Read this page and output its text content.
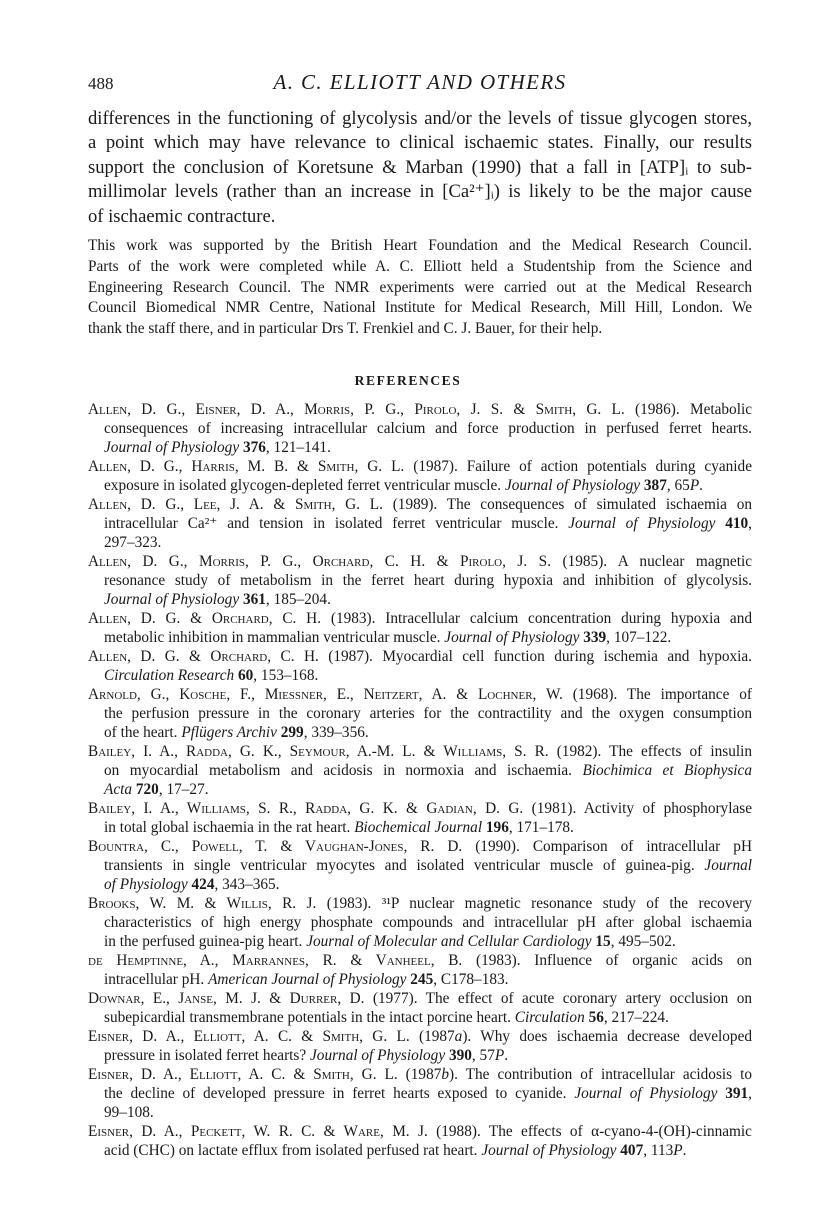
488	A. C. ELLIOTT AND OTHERS

differences in the functioning of glycolysis and/or the levels of tissue glycogen stores,
a point which may have relevance to clinical ischaemic states. Finally, our results
support the conclusion of Koretsune & Marban (1990) that a fall in [ATP]ᵢ to sub-
millimolar levels (rather than an increase in [Ca²⁺]ᵢ) is likely to be the major cause
of ischaemic contracture.

This work was supported by the British Heart Foundation and the Medical Research Council.
Parts of the work were completed while A. C. Elliott held a Studentship from the Science and
Engineering Research Council. The NMR experiments were carried out at the Medical Research
Council Biomedical NMR Centre, National Institute for Medical Research, Mill Hill, London. We
thank the staff there, and in particular Drs T. Frenkiel and C. J. Bauer, for their help.

REFERENCES
Allen, D. G., Eisner, D. A., Morris, P. G., Pirolo, J. S. & Smith, G. L. (1986). Metabolic
consequences of increasing intracellular calcium and force production in perfused ferret hearts.
Journal of Physiology 376, 121–141.
Allen, D. G., Harris, M. B. & Smith, G. L. (1987). Failure of action potentials during cyanide
exposure in isolated glycogen-depleted ferret ventricular muscle. Journal of Physiology 387, 65P.
Allen, D. G., Lee, J. A. & Smith, G. L. (1989). The consequences of simulated ischaemia on
intracellular Ca²⁺ and tension in isolated ferret ventricular muscle. Journal of Physiology 410,
297–323.
Allen, D. G., Morris, P. G., Orchard, C. H. & Pirolo, J. S. (1985). A nuclear magnetic
resonance study of metabolism in the ferret heart during hypoxia and inhibition of glycolysis.
Journal of Physiology 361, 185–204.
Allen, D. G. & Orchard, C. H. (1983). Intracellular calcium concentration during hypoxia and
metabolic inhibition in mammalian ventricular muscle. Journal of Physiology 339, 107–122.
Allen, D. G. & Orchard, C. H. (1987). Myocardial cell function during ischemia and hypoxia.
Circulation Research 60, 153–168.
Arnold, G., Kosche, F., Miessner, E., Neitzert, A. & Lochner, W. (1968). The importance of
the perfusion pressure in the coronary arteries for the contractility and the oxygen consumption
of the heart. Pflügers Archiv 299, 339–356.
Bailey, I. A., Radda, G. K., Seymour, A.-M. L. & Williams, S. R. (1982). The effects of insulin
on myocardial metabolism and acidosis in normoxia and ischaemia. Biochimica et Biophysica
Acta 720, 17–27.
Bailey, I. A., Williams, S. R., Radda, G. K. & Gadian, D. G. (1981). Activity of phosphorylase
in total global ischaemia in the rat heart. Biochemical Journal 196, 171–178.
Bountra, C., Powell, T. & Vaughan-Jones, R. D. (1990). Comparison of intracellular pH
transients in single ventricular myocytes and isolated ventricular muscle of guinea-pig. Journal
of Physiology 424, 343–365.
Brooks, W. M. & Willis, R. J. (1983). ³¹P nuclear magnetic resonance study of the recovery
characteristics of high energy phosphate compounds and intracellular pH after global ischaemia
in the perfused guinea-pig heart. Journal of Molecular and Cellular Cardiology 15, 495–502.
de Hemptinne, A., Marrannes, R. & Vanheel, B. (1983). Influence of organic acids on
intracellular pH. American Journal of Physiology 245, C178–183.
Downar, E., Janse, M. J. & Durrer, D. (1977). The effect of acute coronary artery occlusion on
subepicardial transmembrane potentials in the intact porcine heart. Circulation 56, 217–224.
Eisner, D. A., Elliott, A. C. & Smith, G. L. (1987a). Why does ischaemia decrease developed
pressure in isolated ferret hearts? Journal of Physiology 390, 57P.
Eisner, D. A., Elliott, A. C. & Smith, G. L. (1987b). The contribution of intracellular acidosis to
the decline of developed pressure in ferret hearts exposed to cyanide. Journal of Physiology 391,
99–108.
Eisner, D. A., Peckett, W. R. C. & Ware, M. J. (1988). The effects of α-cyano-4-(OH)-cinnamic
acid (CHC) on lactate efflux from isolated perfused rat heart. Journal of Physiology 407, 113P.
